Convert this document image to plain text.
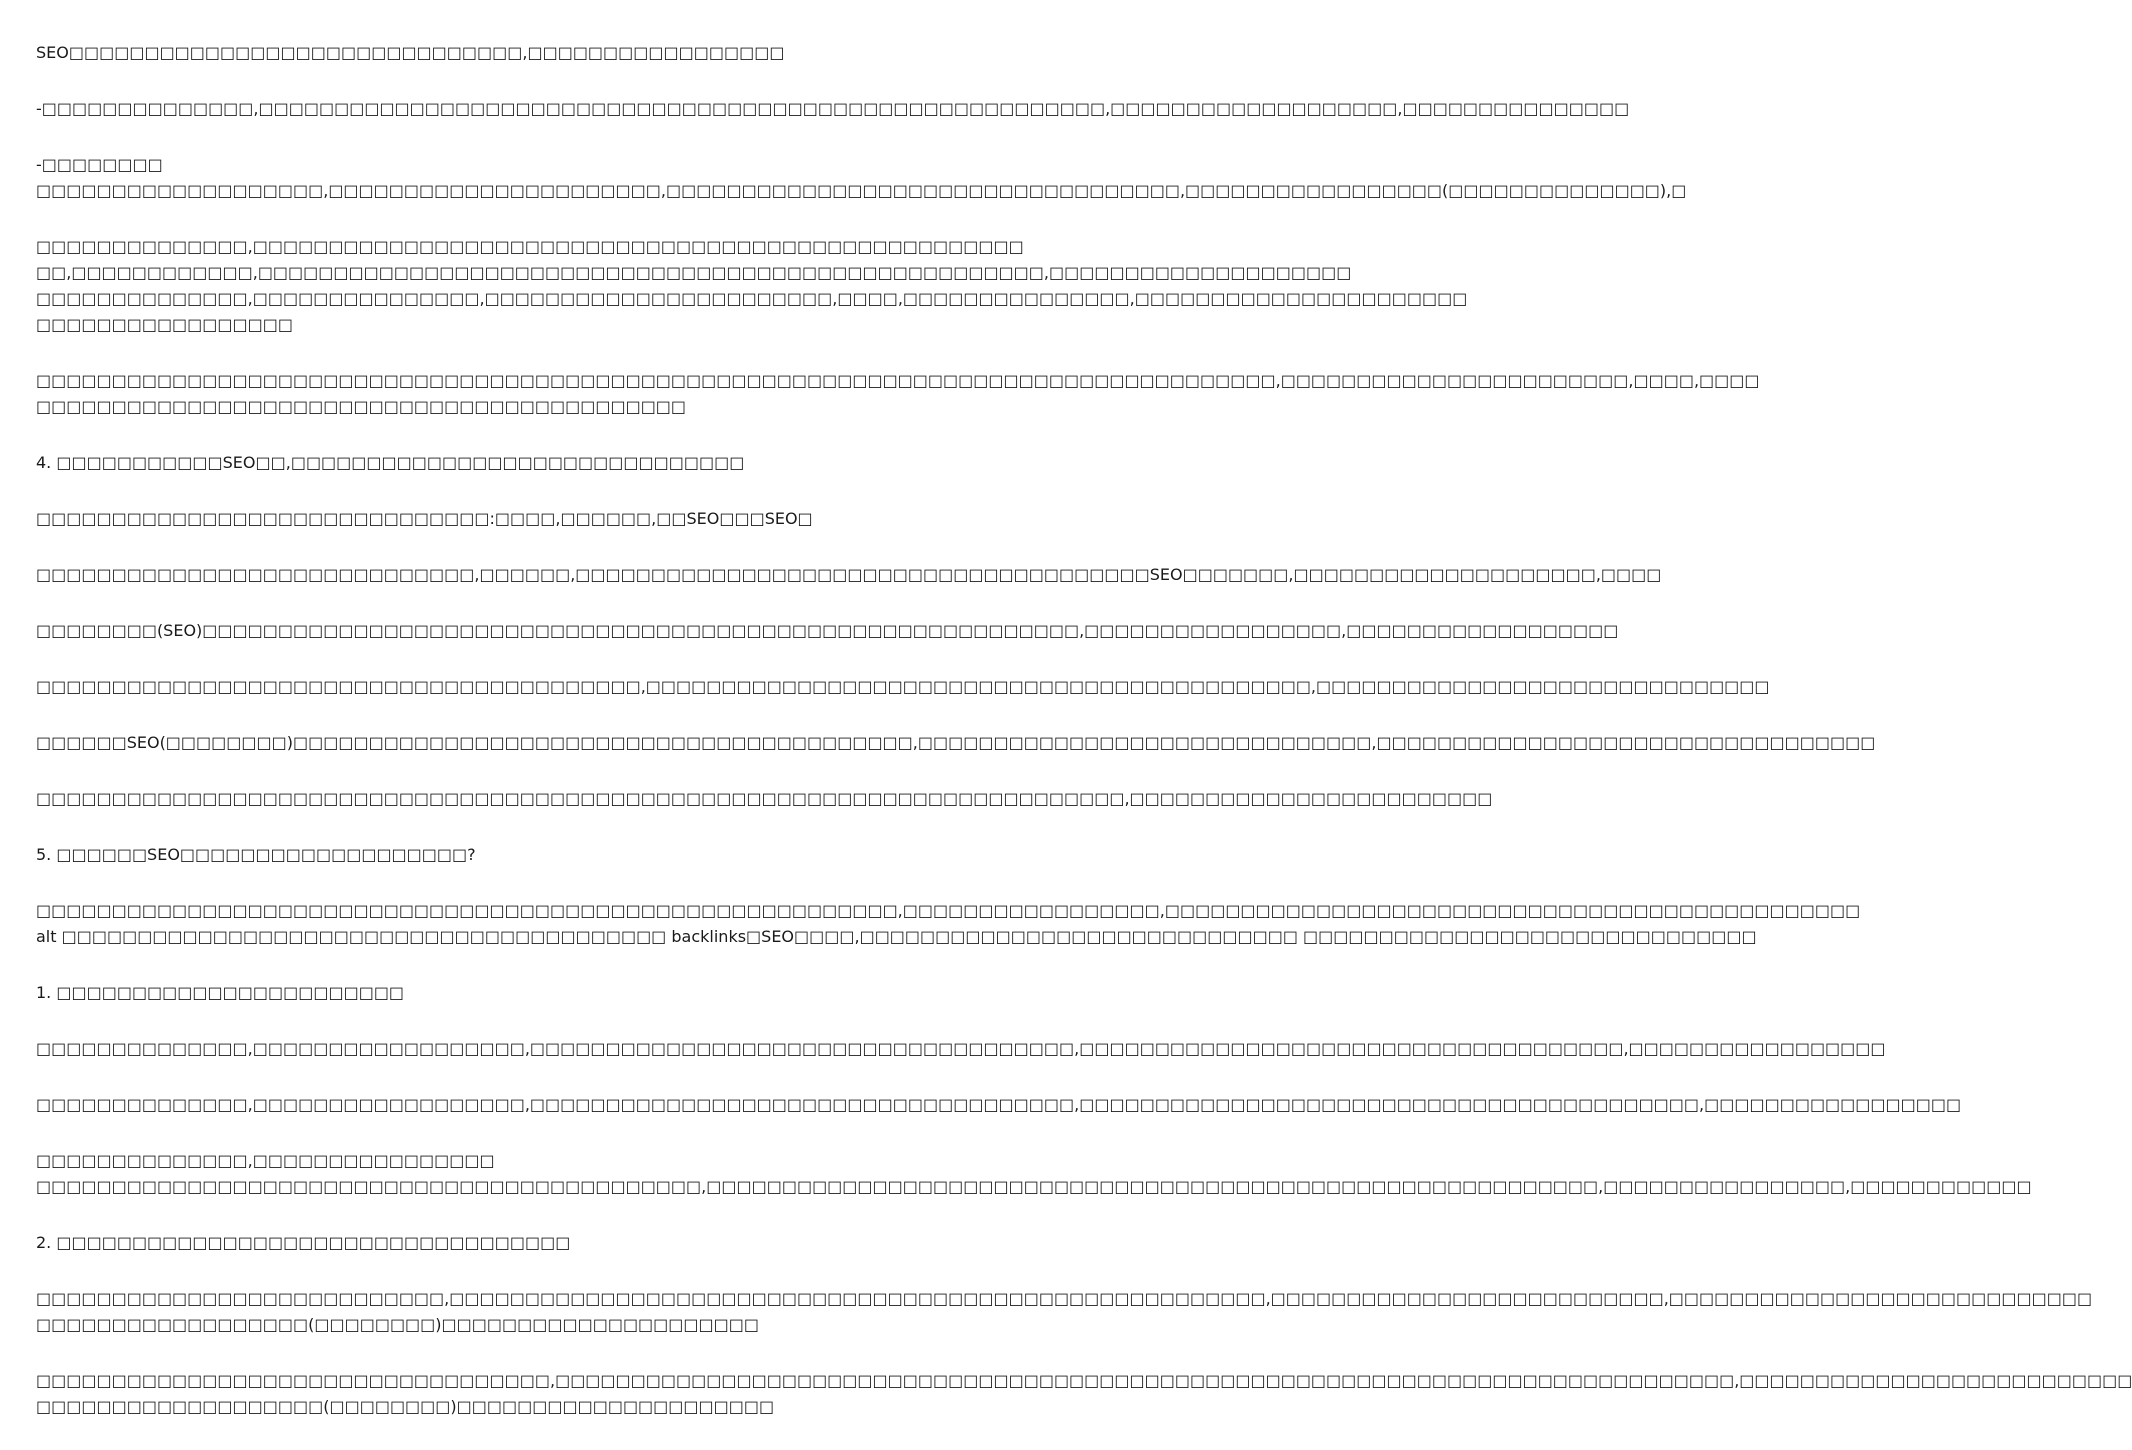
SEO□□□□□□□□□□□□□□□□□□□□□□□□□□□□□□,□□□□□□□□□□□□□□□□□
-□□□□□□□□□□□□□□,□□□□□□□□□□□□□□□□□□□□□□□□□□□□□□□□□□□□□□□□□□□□□□□□□□□□□□□□,□□□□□□□□□□□□□□□□□□□,□□□□□□□□□□□□□□□
-□□□□□□□□
□□□□□□□□□□□□□□□□□□□,□□□□□□□□□□□□□□□□□□□□□□,□□□□□□□□□□□□□□□□□□□□□□□□□□□□□□□□□□,□□□□□□□□□□□□□□□□□(□□□□□□□□□□□□□□),□
□□□□□□□□□□□□□□,□□□□□□□□□□□□□□□□□□□□□□□□□□□□□□□□□□□□□□□□□□□□□□□□□□□
□□,□□□□□□□□□□□□,□□□□□□□□□□□□□□□□□□□□□□□□□□□□□□□□□□□□□□□□□□□□□□□□□□□□,□□□□□□□□□□□□□□□□□□□□
□□□□□□□□□□□□□□,□□□□□□□□□□□□□□□,□□□□□□□□□□□□□□□□□□□□□□□,□□□□,□□□□□□□□□□□□□□□,□□□□□□□□□□□□□□□□□□□□□□
□□□□□□□□□□□□□□□□□
□□□□□□□□□□□□□□□□□□□□□□□□□□□□□□□□□□□□□□□□□□□□□□□□□□□□□□□□□□□□□□□□□□□□□□□□□□□□□□□□□□,□□□□□□□□□□□□□□□□□□□□□□□,□□□□,□□□□
□□□□□□□□□□□□□□□□□□□□□□□□□□□□□□□□□□□□□□□□□□□
4. □□□□□□□□□□□SEO□□,□□□□□□□□□□□□□□□□□□□□□□□□□□□□□□
□□□□□□□□□□□□□□□□□□□□□□□□□□□□□□:□□□□,□□□□□□,□□SEO□□□SEO□
□□□□□□□□□□□□□□□□□□□□□□□□□□□□□,□□□□□□,□□□□□□□□□□□□□□□□□□□□□□□□□□□□□□□□□□□□□□SEO□□□□□□□,□□□□□□□□□□□□□□□□□□□□,□□□□
□□□□□□□□(SEO)□□□□□□□□□□□□□□□□□□□□□□□□□□□□□□□□□□□□□□□□□□□□□□□□□□□□□□□□□□,□□□□□□□□□□□□□□□□□,□□□□□□□□□□□□□□□□□□
□□□□□□□□□□□□□□□□□□□□□□□□□□□□□□□□□□□□□□□□,□□□□□□□□□□□□□□□□□□□□□□□□□□□□□□□□□□□□□□□□□□□□,□□□□□□□□□□□□□□□□□□□□□□□□□□□□□□
□□□□□□SEO(□□□□□□□□)□□□□□□□□□□□□□□□□□□□□□□□□□□□□□□□□□□□□□□□□□,□□□□□□□□□□□□□□□□□□□□□□□□□□□□□□,□□□□□□□□□□□□□□□□□□□□□□□□□□□□□□□□□
□□□□□□□□□□□□□□□□□□□□□□□□□□□□□□□□□□□□□□□□□□□□□□□□□□□□□□□□□□□□□□□□□□□□□□□□,□□□□□□□□□□□□□□□□□□□□□□□□
5. □□□□□□SEO□□□□□□□□□□□□□□□□□□□?
□□□□□□□□□□□□□□□□□□□□□□□□□□□□□□□□□□□□□□□□□□□□□□□□□□□□□□□□□,□□□□□□□□□□□□□□□□□,□□□□□□□□□□□□□□□□□□□□□□□□□□□□□□□□□□□□□□□□□□□□□□
alt □□□□□□□□□□□□□□□□□□□□□□□□□□□□□□□□□□□□□□□□ backlinks□SEO□□□□,□□□□□□□□□□□□□□□□□□□□□□□□□□□□□ □□□□□□□□□□□□□□□□□□□□□□□□□□□□□□
1. □□□□□□□□□□□□□□□□□□□□□□□
□□□□□□□□□□□□□□,□□□□□□□□□□□□□□□□□□,□□□□□□□□□□□□□□□□□□□□□□□□□□□□□□□□□□□□,□□□□□□□□□□□□□□□□□□□□□□□□□□□□□□□□□□□□,□□□□□□□□□□□□□□□□□
□□□□□□□□□□□□□□,□□□□□□□□□□□□□□□□□□,□□□□□□□□□□□□□□□□□□□□□□□□□□□□□□□□□□□□,□□□□□□□□□□□□□□□□□□□□□□□□□□□□□□□□□□□□□□□□□,□□□□□□□□□□□□□□□□□
□□□□□□□□□□□□□□,□□□□□□□□□□□□□□□□
□□□□□□□□□□□□□□□□□□□□□□□□□□□□□□□□□□□□□□□□□□□□,□□□□□□□□□□□□□□□□□□□□□□□□□□□□□□□□□□□□□□□□□□□□□□□□□□□□□□□□□□□,□□□□□□□□□□□□□□□□,□□□□□□□□□□□□
2. □□□□□□□□□□□□□□□□□□□□□□□□□□□□□□□□□□
□□□□□□□□□□□□□□□□□□□□□□□□□□□,□□□□□□□□□□□□□□□□□□□□□□□□□□□□□□□□□□□□□□□□□□□□□□□□□□□□□□,□□□□□□□□□□□□□□□□□□□□□□□□□□,□□□□□□□□□□□□□□□□□□□□□□□□□□□□
□□□□□□□□□□□□□□□□□□(□□□□□□□□)□□□□□□□□□□□□□□□□□□□□□
□□□□□□□□□□□□□□□□□□□□□□□□□□□□□□□□□□,□□□□□□□□□□□□□□□□□□□□□□□□□□□□□□□□□□□□□□□□□□□□□□□□□□□□□□□□□□□□□□□□□□□□□□□□□□□□□□,□□□□□□□□□□□□□□□□□□□□□□□□□□
□□□□□□□□□□□□□□□□□□□(□□□□□□□□)□□□□□□□□□□□□□□□□□□□□□
